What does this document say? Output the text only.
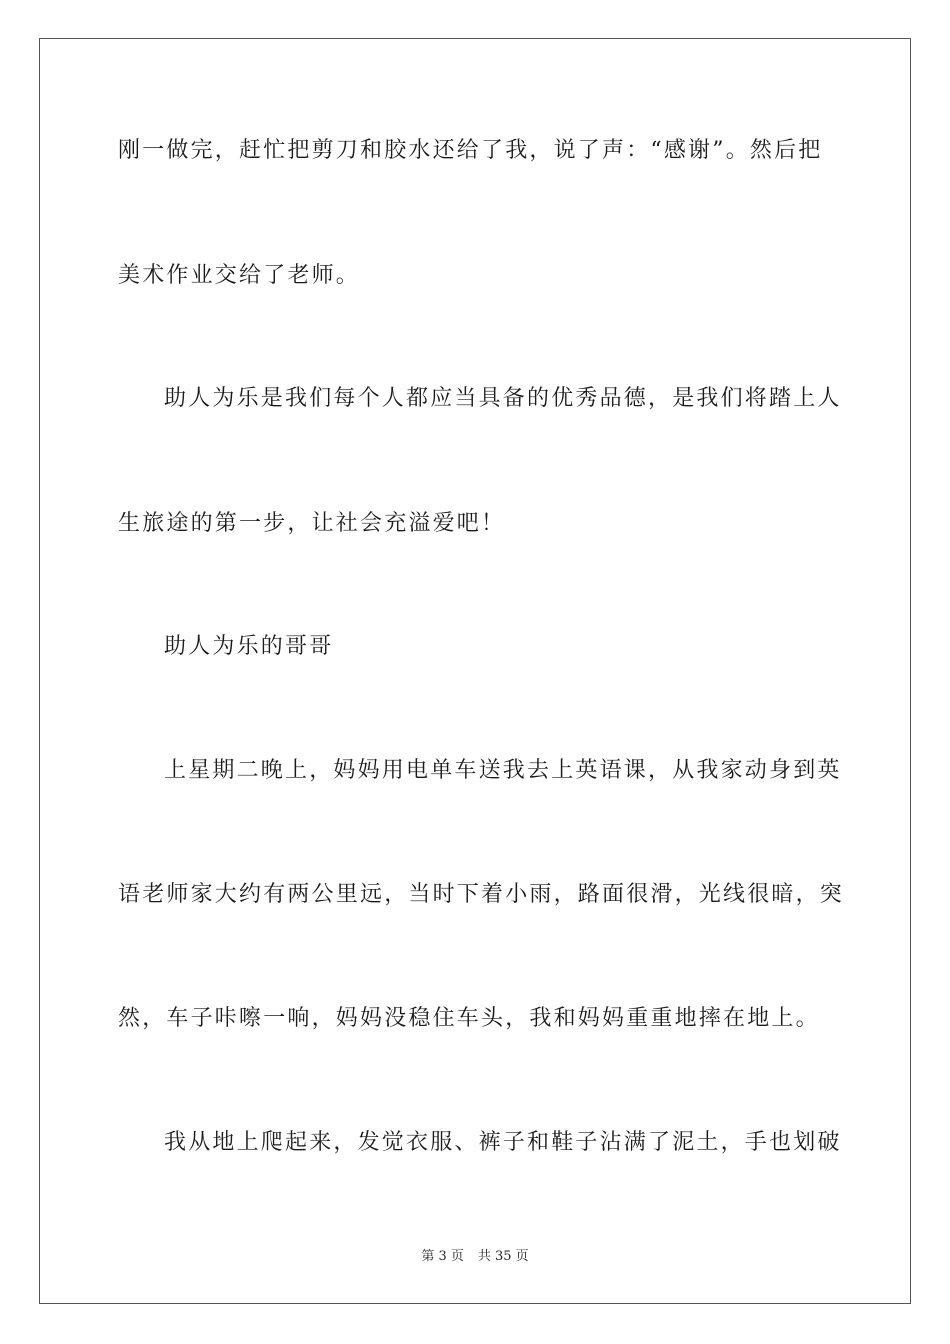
刚一做完，赶忙把剪刀和胶水还给了我，说了声：“感谢”。然后把
美术作业交给了老师。
助人为乐是我们每个人都应当具备的优秀品德，是我们将踏上人
生旅途的第一步，让社会充溢爱吧！
助人为乐的哥哥
上星期二晚上，妈妈用电单车送我去上英语课，从我家动身到英
语老师家大约有两公里远，当时下着小雨，路面很滑，光线很暗，突
然，车子咔嚓一响，妈妈没稳住车头，我和妈妈重重地摔在地上。
我从地上爬起来，发觉衣服、裤子和鞋子沾满了泥土，手也划破
第 3 页 共 35 页
